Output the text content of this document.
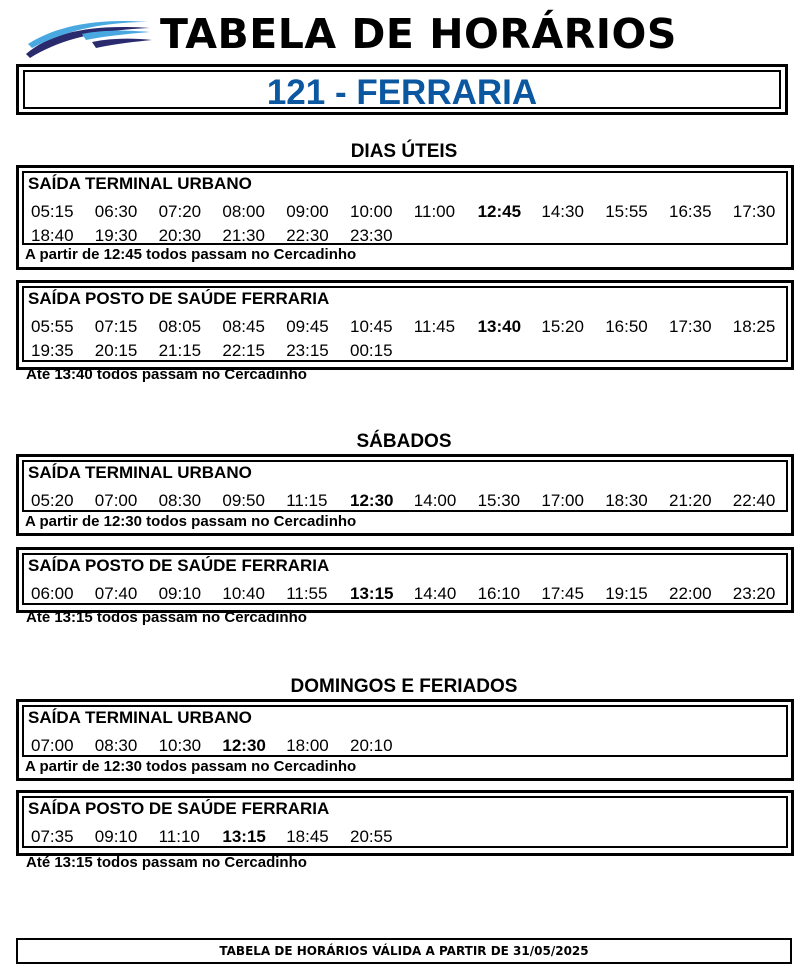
TABELA DE HORÁRIOS
121 - FERRARIA
DIAS ÚTEIS
SAÍDA TERMINAL URBANO
05:15 06:30 07:20 08:00 09:00 10:00 11:00 12:45 14:30 15:55 16:35 17:30
18:40 19:30 20:30 21:30 22:30 23:30
A partir de 12:45 todos passam no Cercadinho
SAÍDA POSTO DE SAÚDE FERRARIA
05:55 07:15 08:05 08:45 09:45 10:45 11:45 13:40 15:20 16:50 17:30 18:25
19:35 20:15 21:15 22:15 23:15 00:15
Até 13:40 todos passam no Cercadinho
SÁBADOS
SAÍDA TERMINAL URBANO
05:20 07:00 08:30 09:50 11:15 12:30 14:00 15:30 17:00 18:30 21:20 22:40
A partir de 12:30 todos passam no Cercadinho
SAÍDA POSTO DE SAÚDE FERRARIA
06:00 07:40 09:10 10:40 11:55 13:15 14:40 16:10 17:45 19:15 22:00 23:20
Até 13:15 todos passam no Cercadinho
DOMINGOS E FERIADOS
SAÍDA TERMINAL URBANO
07:00 08:30 10:30 12:30 18:00 20:10
A partir de 12:30 todos passam no Cercadinho
SAÍDA POSTO DE SAÚDE FERRARIA
07:35 09:10 11:10 13:15 18:45 20:55
Até 13:15 todos passam no Cercadinho
TABELA DE HORÁRIOS VÁLIDA A PARTIR DE 31/05/2025
